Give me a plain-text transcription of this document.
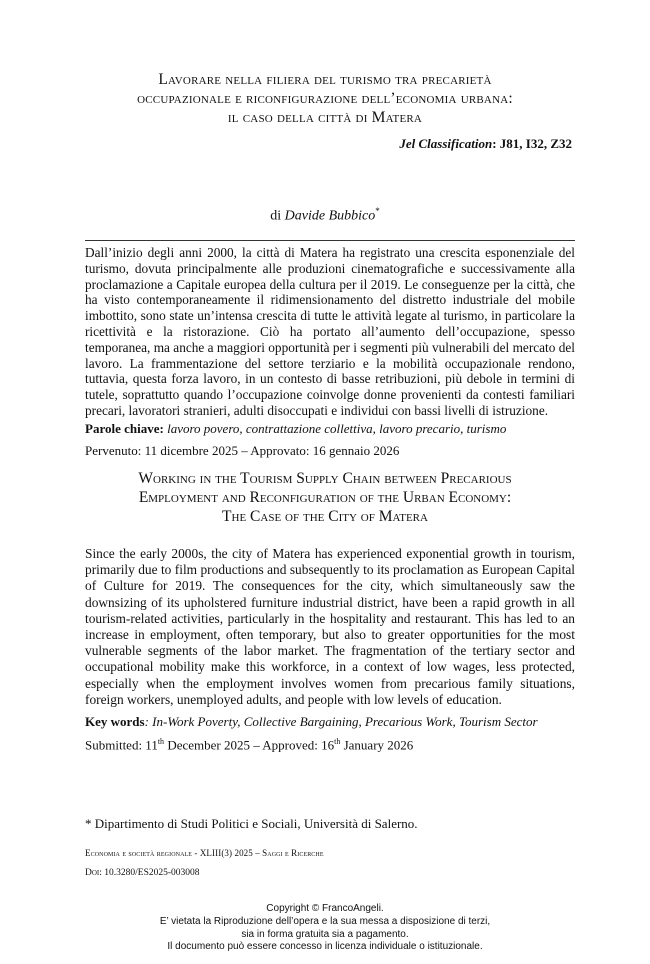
Lavorare nella filiera del turismo tra precarietà
occupazionale e riconfigurazione dell’economia urbana:
il caso della città di Matera
Jel Classification: J81, I32, Z32
di Davide Bubbico*
Dall’inizio degli anni 2000, la città di Matera ha registrato una crescita esponenziale del turismo, dovuta principalmente alle produzioni cinematografiche e successivamente alla proclamazione a Capitale europea della cultura per il 2019. Le conseguenze per la città, che ha visto contemporaneamente il ridimensionamento del distretto industriale del mobile imbottito, sono state un’intensa crescita di tutte le attività legate al turismo, in particolare la ricettività e la ristorazione. Ciò ha portato all’aumento dell’occupazione, spesso temporanea, ma anche a maggiori opportunità per i segmenti più vulnerabili del mercato del lavoro. La frammentazione del settore terziario e la mobilità occupazionale rendono, tuttavia, questa forza lavoro, in un contesto di basse retribuzioni, più debole in termini di tutele, soprattutto quando l’occupazione coinvolge donne provenienti da contesti familiari precari, lavoratori stranieri, adulti disoccupati e individui con bassi livelli di istruzione.
Parole chiave: lavoro povero, contrattazione collettiva, lavoro precario, turismo
Pervenuto: 11 dicembre 2025 – Approvato: 16 gennaio 2026
Working in the Tourism Supply Chain between Precarious
Employment and Reconfiguration of the Urban Economy:
The Case of the City of Matera
Since the early 2000s, the city of Matera has experienced exponential growth in tourism, primarily due to film productions and subsequently to its proclamation as European Capital of Culture for 2019. The consequences for the city, which simultaneously saw the downsizing of its upholstered furniture industrial district, have been a rapid growth in all tourism-related activities, particularly in the hospitality and restaurant. This has led to an increase in employment, often temporary, but also to greater opportunities for the most vulnerable segments of the labor market. The fragmentation of the tertiary sector and occupational mobility make this workforce, in a context of low wages, less protected, especially when the employment involves women from precarious family situations, foreign workers, unemployed adults, and people with low levels of education.
Key words: In-Work Poverty, Collective Bargaining, Precarious Work, Tourism Sector
Submitted: 11th December 2025 – Approved: 16th January 2026
* Dipartimento di Studi Politici e Sociali, Università di Salerno.
Economia e società regionale - XLIII(3) 2025 – Saggi e Ricerche
Doi: 10.3280/ES2025-003008
Copyright © FrancoAngeli.
E’ vietata la Riproduzione dell’opera e la sua messa a disposizione di terzi,
sia in forma gratuita sia a pagamento.
Il documento può essere concesso in licenza individuale o istituzionale.
